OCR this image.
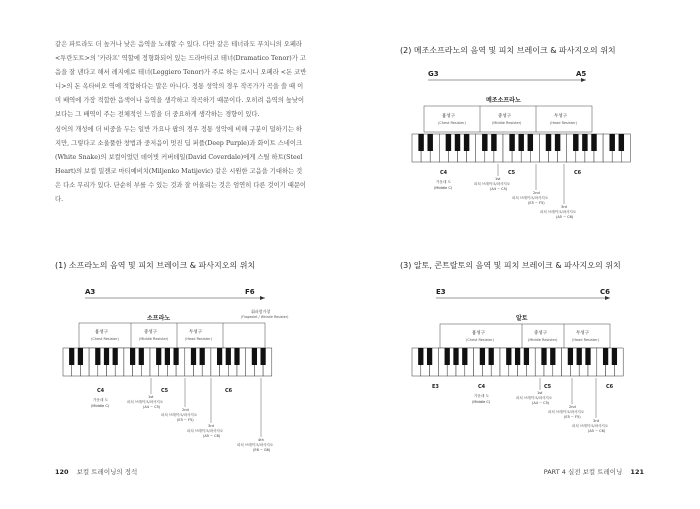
같은 파트라도 더 높거나 낮은 음역을 노래할 수 있다. 다만 같은 테너라도 푸치니의 오페라 <투란도트>의 '카라프' 역할에 정형화되어 있는 드라마티코 테너(Dramatico Tenor)가 고음을 잘 낸다고 해서 레지에로 테너(Leggiero Tenor)가 주로 하는 로시니 오페라 <돈 코반니>의 돈 옥타비오 역에 적합하다는 말은 아니다. 정통 성악의 경우 작곡가가 곡을 쓸 때 이미 배역에 가장 적합한 음색이나 음역을 생각하고 작곡하기 때문이다. 오히려 음역의 높낮이보다는 그 배역이 주는 전체적인 느낌을 더 중요하게 생각하는 경향이 있다.

싱어의 개성에 더 비중을 두는 일반 가요나 팝의 경우 정통 성악에 비해 구분이 덜하기는 하지만, 그렇다고 소울풀한 창법과 중저음이 멋진 딥 퍼플(Deep Purple)과 화이트 스네이크(White Snake)의 보컬이었던 데이빗 커버데일(David Coverdale)에게 스틸 하트(Steel Heart)의 보컬 밀젠코 마티예비치(Miljenko Matijevic) 같은 시원한 고음을 기대하는 것은 다소 무리가 있다. 단순히 부를 수 있는 것과 잘 어울리는 것은 엄연히 다른 것이기 때문이다.

(1) 소프라노의 음역 및 피치 브레이크 & 파사지오의 위치
(2) 메조소프라노의 음역 및 피치 브레이크 & 파사지오의 위치
(3) 알토, 콘트랄토의 음역 및 피치 브레이크 & 파사지오의 위치
A3	F6
소프라노
휘파람가창
(Flageolet / Whistle Resister)
흉성구
(Chest Resister)
중성구
(Middle Resister)
두성구
(Head Resister)
C4	C5	C6
가운데 도
(Middle C)
1st
피치 브레이크/파사지오
(A4 ~ C5)
2nd
피치 브레이크/파사지오
(E5 ~ F5)
3rd
피치 브레이크/파사지오
(A5 ~ C6)
4th
피치 브레이크/파사지오
(E6 ~ G6)
G3	A5
메조소프라노
흉성구
(Chest Resister)
중성구
(Middle Resister)
두성구
(Head Resister)
C4	C5	C6
가운데 도
(Middle C)
1st
피치 브레이크/파사지오
(A4 ~ C5)
2nd
피치 브레이크/파사지오
(E5 ~ F5)
3rd
피치 브레이크/파사지오
(A5 ~ C6)
E3	C6
알토
흉성구
(Chest Resister)
중성구
(Middle Resister)
두성구
(Head Resister)
E3	C4	C5	C6
가운데 도
(Middle C)
1st
피치 브레이크/파사지오
(A4 ~ C5)
2nd
피치 브레이크/파사지오
(E5 ~ F5)
3rd
피치 브레이크/파사지오
(A5 ~ C6)
120 보컬 트레이닝의 정석	PART 4 실전 보컬 트레이닝 121
